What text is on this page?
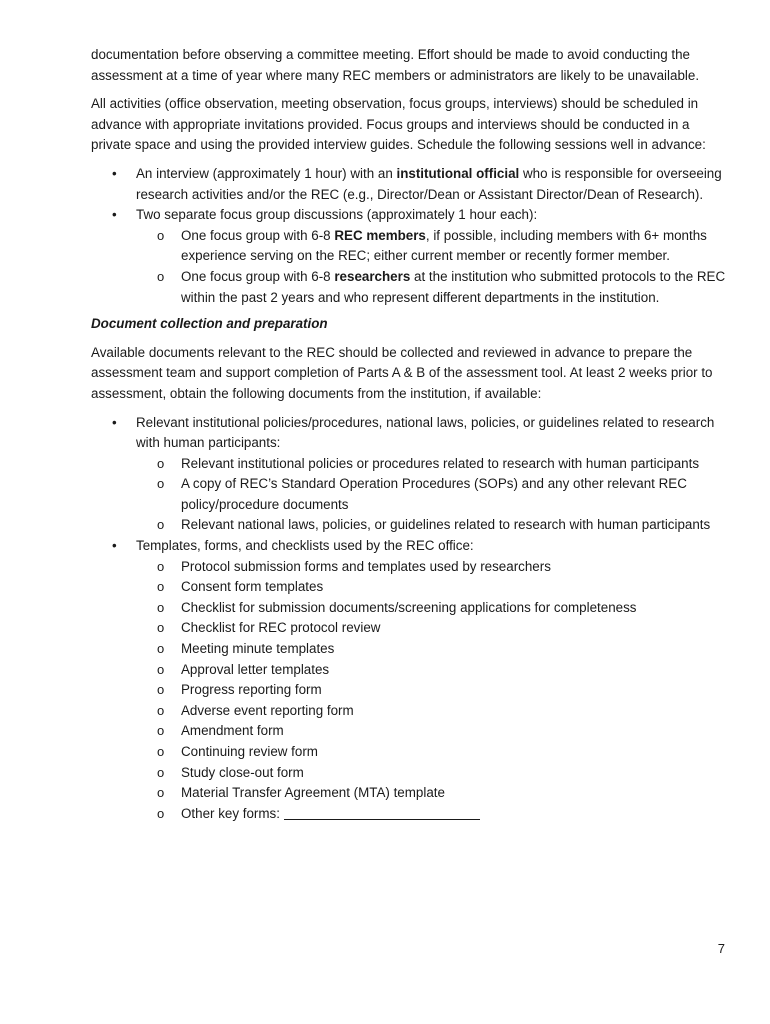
documentation before observing a committee meeting. Effort should be made to avoid conducting the assessment at a time of year where many REC members or administrators are likely to be unavailable.

All activities (office observation, meeting observation, focus groups, interviews) should be scheduled in advance with appropriate invitations provided. Focus groups and interviews should be conducted in a private space and using the provided interview guides. Schedule the following sessions well in advance:

• An interview (approximately 1 hour) with an institutional official who is responsible for overseeing research activities and/or the REC (e.g., Director/Dean or Assistant Director/Dean of Research).
• Two separate focus group discussions (approximately 1 hour each):
o One focus group with 6-8 REC members, if possible, including members with 6+ months experience serving on the REC; either current member or recently former member.
o One focus group with 6-8 researchers at the institution who submitted protocols to the REC within the past 2 years and who represent different departments in the institution.

Document collection and preparation

Available documents relevant to the REC should be collected and reviewed in advance to prepare the assessment team and support completion of Parts A & B of the assessment tool. At least 2 weeks prior to assessment, obtain the following documents from the institution, if available:

• Relevant institutional policies/procedures, national laws, policies, or guidelines related to research with human participants:
o Relevant institutional policies or procedures related to research with human participants
o A copy of REC’s Standard Operation Procedures (SOPs) and any other relevant REC policy/procedure documents
o Relevant national laws, policies, or guidelines related to research with human participants
• Templates, forms, and checklists used by the REC office:
o Protocol submission forms and templates used by researchers
o Consent form templates
o Checklist for submission documents/screening applications for completeness
o Checklist for REC protocol review
o Meeting minute templates
o Approval letter templates
o Progress reporting form
o Adverse event reporting form
o Amendment form
o Continuing review form
o Study close-out form
o Material Transfer Agreement (MTA) template
o Other key forms:
7
